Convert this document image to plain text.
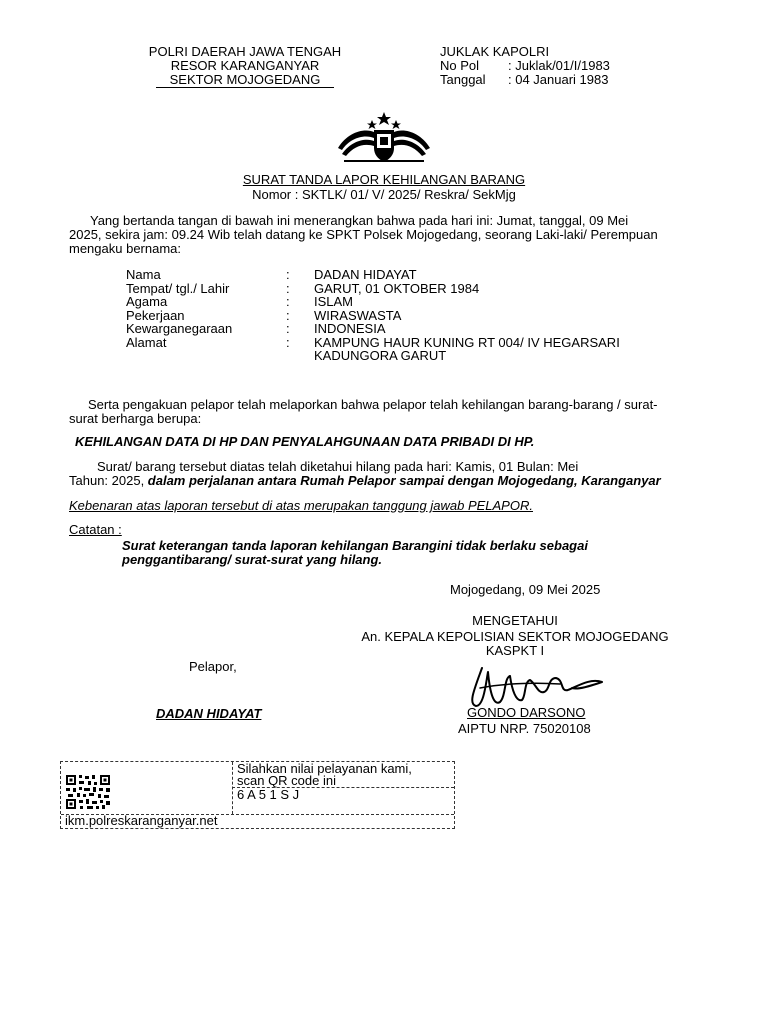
POLRI DAERAH JAWA TENGAH
RESOR KARANGANYAR
SEKTOR MOJOGEDANG
JUKLAK KAPOLRI
No Pol	: Juklak/01/I/1983
Tanggal	: 04 Januari 1983
SURAT TANDA LAPOR KEHILANGAN BARANG
Nomor : SKTLK/ 01/ V/ 2025/ Reskra/ SekMjg
Yang bertanda tangan di bawah ini menerangkan bahwa pada hari ini: Jumat, tanggal, 09 Mei
2025, sekira jam: 09.24 Wib telah datang ke SPKT Polsek Mojogedang, seorang Laki-laki/ Perempuan
mengaku bernama:
Nama	:	DADAN HIDAYAT
Tempat/ tgl./ Lahir	:	GARUT, 01 OKTOBER 1984
Agama	:	ISLAM
Pekerjaan	:	WIRASWASTA
Kewarganegaraan	:	INDONESIA
Alamat	:	KAMPUNG HAUR KUNING RT 004/ IV HEGARSARI
KADUNGORA GARUT
Serta pengakuan pelapor telah melaporkan bahwa pelapor telah kehilangan barang-barang / surat-
surat berharga berupa:
KEHILANGAN DATA DI HP DAN PENYALAHGUNAAN DATA PRIBADI DI HP.
Surat/ barang tersebut diatas telah diketahui hilang pada hari: Kamis, 01 Bulan: Mei
Tahun: 2025, dalam perjalanan antara Rumah Pelapor sampai dengan Mojogedang, Karanganyar
Kebenaran atas laporan tersebut di atas merupakan tanggung jawab PELAPOR.
Catatan :
Surat keterangan tanda laporan kehilangan Barangini tidak berlaku sebagai
penggantibarang/ surat-surat yang hilang.
Mojogedang, 09 Mei 2025
MENGETAHUI
An. KEPALA KEPOLISIAN SEKTOR MOJOGEDANG
KASPKT I
Pelapor,
DADAN HIDAYAT	GONDO DARSONO
AIPTU NRP. 75020108
Silahkan nilai pelayanan kami,
scan QR code ini
6 A 5 1 S J
ikm.polreskaranganyar.net
